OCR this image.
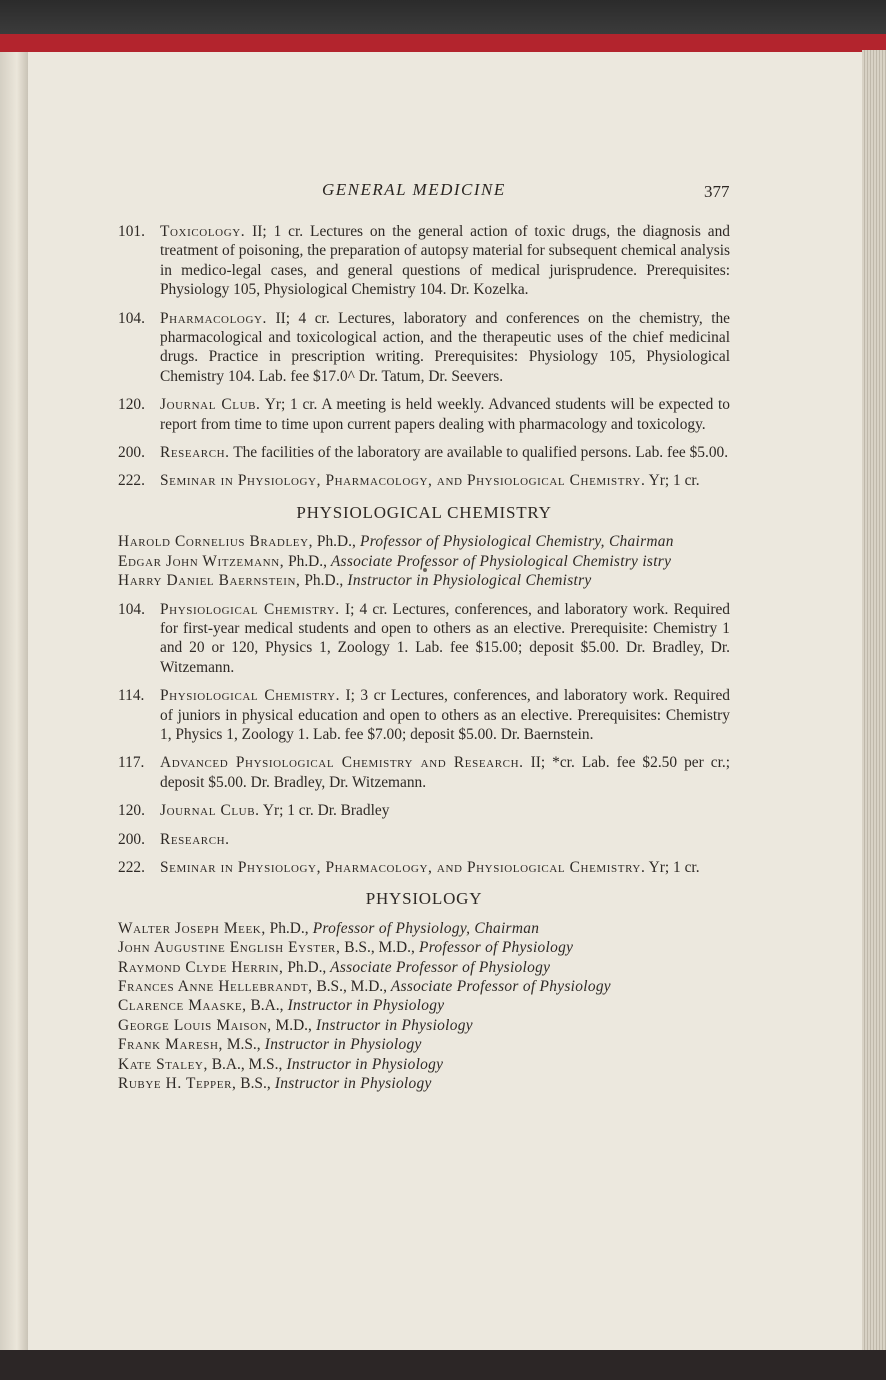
GENERAL MEDICINE	377
101. Toxicology. II; 1 cr. Lectures on the general action of toxic drugs, the diagnosis and treatment of poisoning, the preparation of autopsy material for subsequent chemical analysis in medico-legal cases, and general questions of medical jurisprudence. Prerequisites: Physiology 105, Physiological Chemistry 104. Dr. Kozelka.
104. Pharmacology. II; 4 cr. Lectures, laboratory and conferences on the chemistry, the pharmacological and toxicological action, and the therapeutic uses of the chief medicinal drugs. Practice in prescription writing. Prerequisites: Physiology 105, Physiological Chemistry 104. Lab. fee $17.0^ Dr. Tatum, Dr. Seevers.
120. Journal Club. Yr; 1 cr. A meeting is held weekly. Advanced students will be expected to report from time to time upon current papers dealing with pharmacology and toxicology.
200. Research. The facilities of the laboratory are available to qualified persons. Lab. fee $5.00.
222. Seminar in Physiology, Pharmacology, and Physiological Chemistry. Yr; 1 cr.
PHYSIOLOGICAL CHEMISTRY

Harold Cornelius Bradley, Ph.D., Professor of Physiological Chemistry, Chairman

Edgar John Witzemann, Ph.D., Associate Professor of Physiological Chemistry istry

Harry Daniel Baernstein, Ph.D., Instructor in Physiological Chemistry

104. Physiological Chemistry. I; 4 cr. Lectures, conferences, and laboratory work. Required for first-year medical students and open to others as an elective. Prerequisite: Chemistry 1 and 20 or 120, Physics 1, Zoology 1. Lab. fee $15.00; deposit $5.00. Dr. Bradley, Dr. Witzemann.
114.	Physiological Chemistry. I; 3 cr Lectures, conferences, and laboratory work. Required of juniors in physical education and open to others as an elective. Prerequisites: Chemistry 1, Physics 1, Zoology 1. Lab. fee $7.00; deposit $5.00. Dr. Baernstein.
117.	Advanced Physiological Chemistry and Research. II; *cr. Lab. fee $2.50 per cr.; deposit $5.00. Dr. Bradley, Dr. Witzemann.
120. Journal Club. Yr; 1 cr. Dr. Bradley
200. Research.
222. Seminar in Physiology, Pharmacology, and Physiological Chemistry. Yr; 1 cr.
PHYSIOLOGY

Walter Joseph Meek, Ph.D., Professor of Physiology, Chairman

John Augustine English Eyster, B.S., M.D., Professor of Physiology

Raymond Clyde Herrin, Ph.D., Associate Professor of Physiology

Frances Anne Hellebrandt, B.S., M.D., Associate Professor of Physiology

Clarence Maaske, B.A., Instructor in Physiology

George Louis Maison, M.D., Instructor in Physiology

Frank Maresh, M.S., Instructor in Physiology

Kate Staley, B.A., M.S., Instructor in Physiology

Rubye H. Tepper, B.S., Instructor in Physiology
